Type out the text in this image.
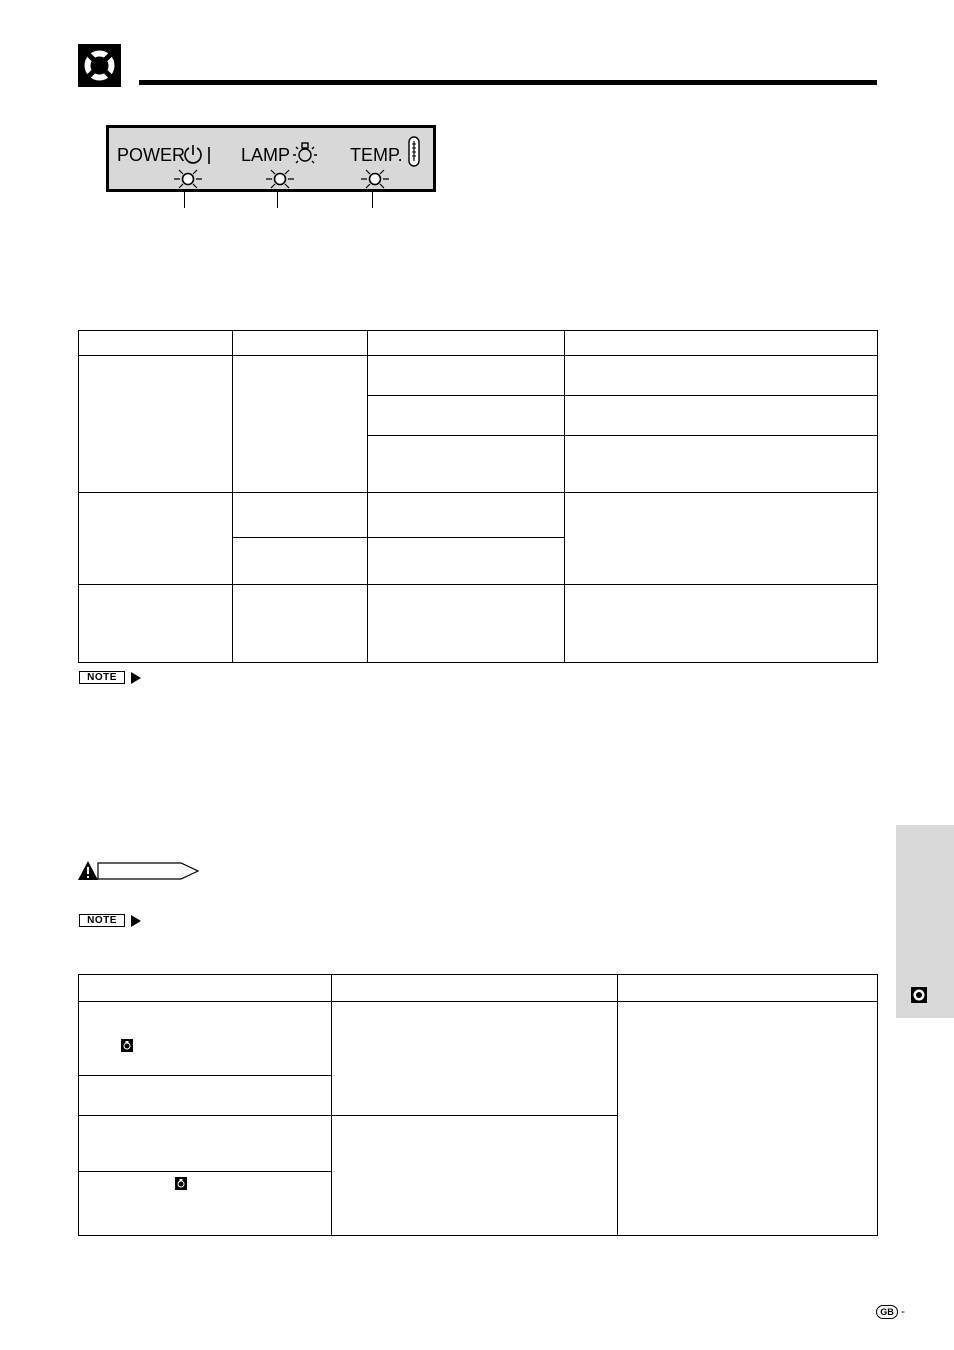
POWER	LAMP	TEMP.

NOTE
NOTE

GB -
